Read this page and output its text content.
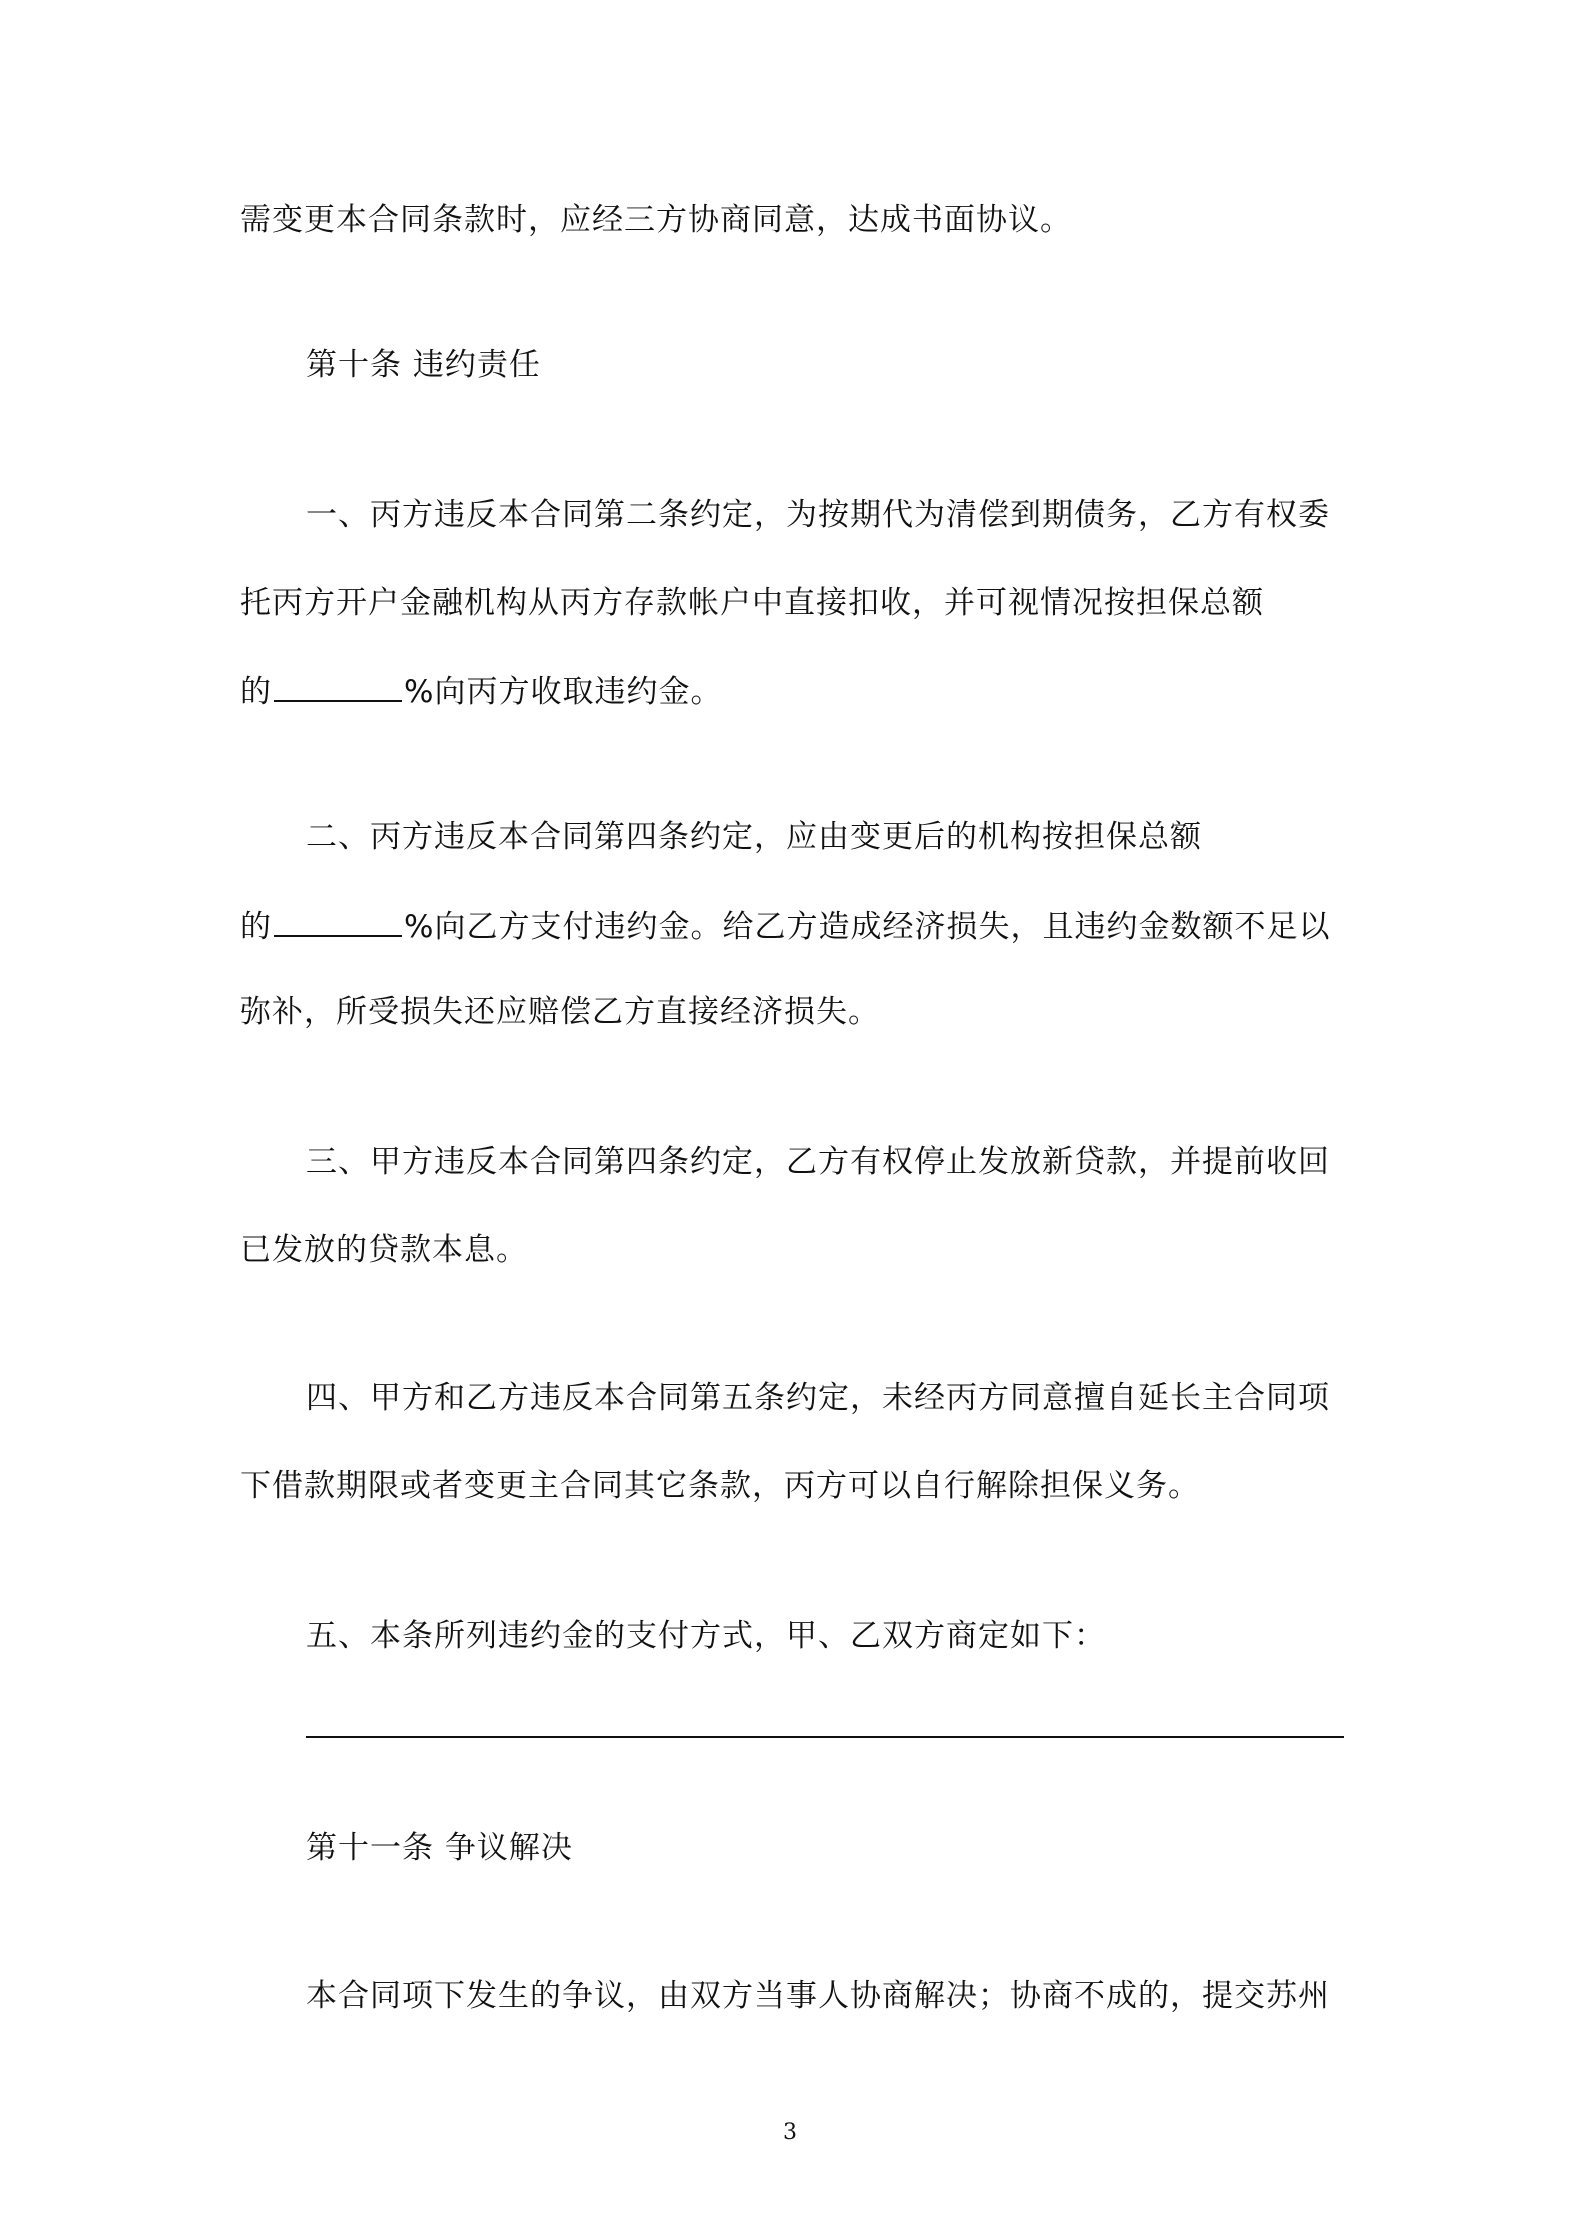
需变更本合同条款时，应经三方协商同意，达成书面协议。
第十条 违约责任
一、丙方违反本合同第二条约定，为按期代为清偿到期债务，乙方有权委
托丙方开户金融机构从丙方存款帐户中直接扣收，并可视情况按担保总额
的	%向丙方收取违约金。
二、丙方违反本合同第四条约定，应由变更后的机构按担保总额
的	%向乙方支付违约金。给乙方造成经济损失，且违约金数额不足以
弥补，所受损失还应赔偿乙方直接经济损失。
三、甲方违反本合同第四条约定，乙方有权停止发放新贷款，并提前收回
已发放的贷款本息。
四、甲方和乙方违反本合同第五条约定，未经丙方同意擅自延长主合同项
下借款期限或者变更主合同其它条款，丙方可以自行解除担保义务。
五、本条所列违约金的支付方式，甲、乙双方商定如下：
第十一条 争议解决
本合同项下发生的争议，由双方当事人协商解决；协商不成的，提交苏州
3
